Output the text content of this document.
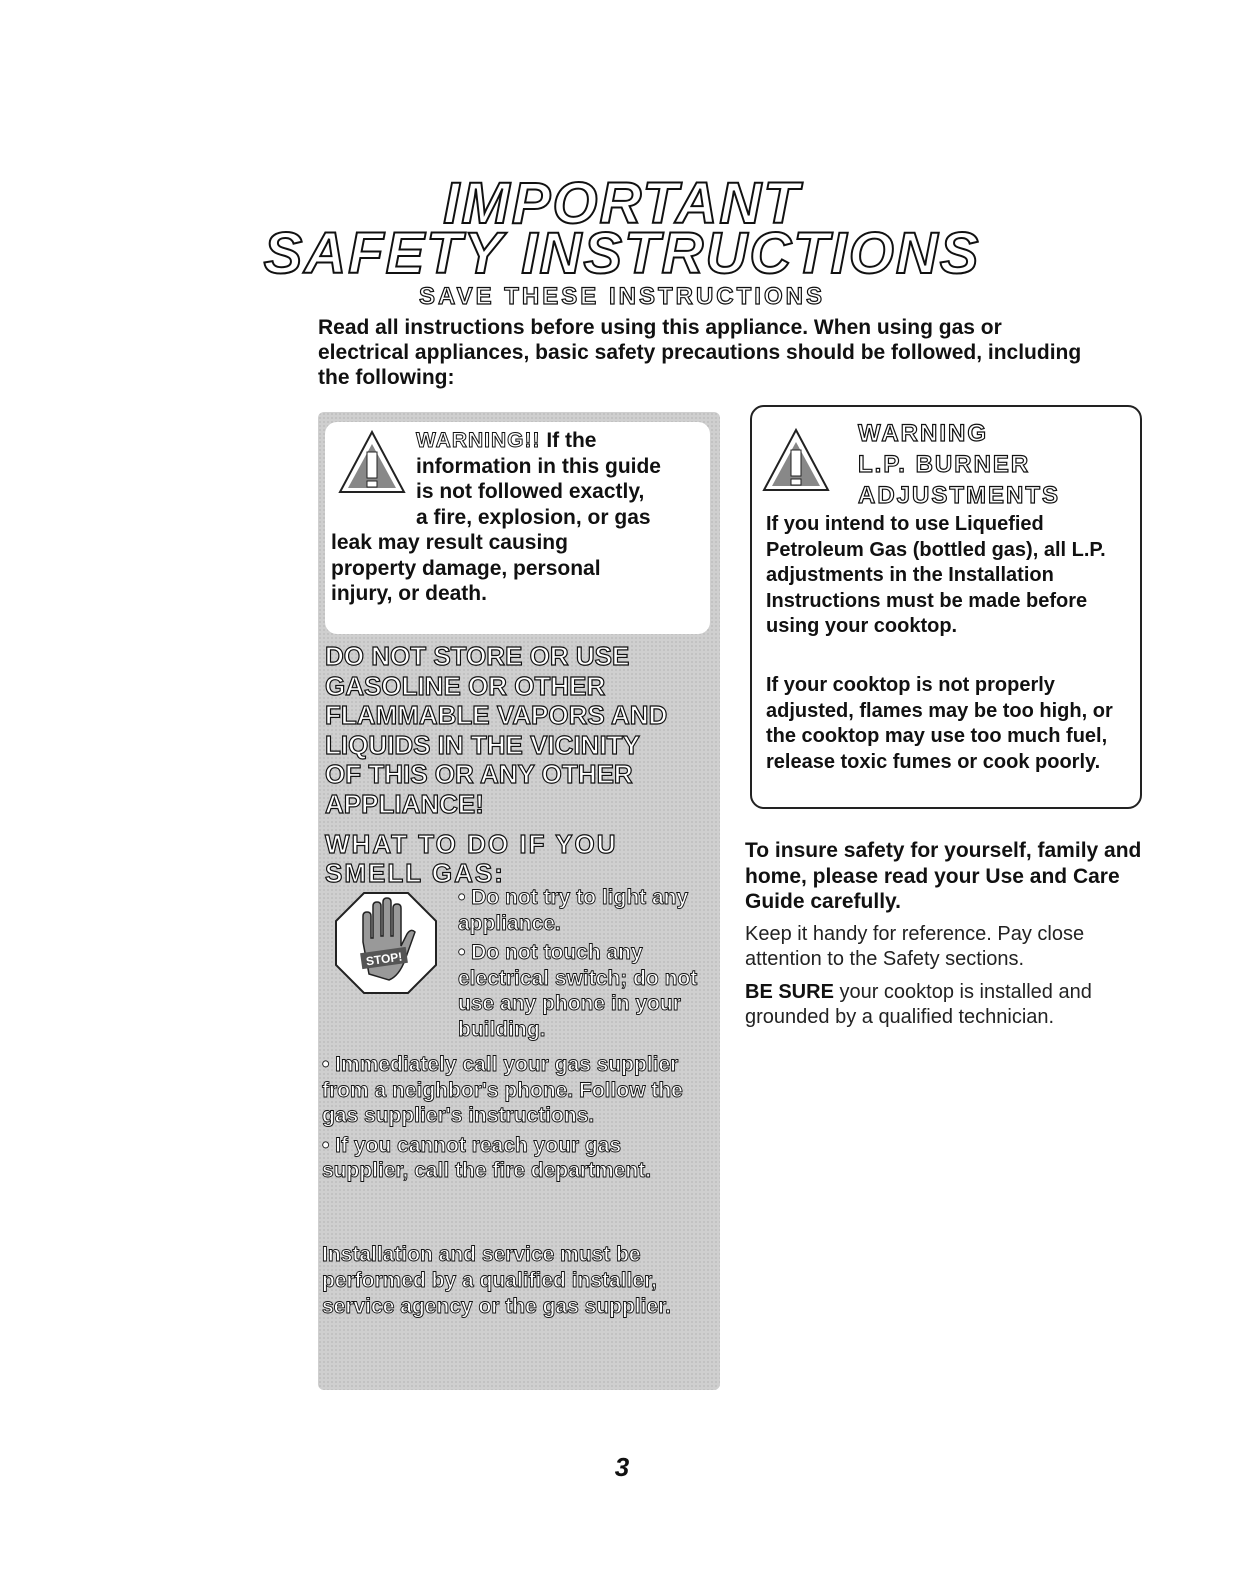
IMPORTANT
SAFETY INSTRUCTIONS
SAVE THESE INSTRUCTIONS
Read all instructions before using this appliance. When using gas or electrical appliances, basic safety precautions should be followed, including the following:
WARNING!! If the
information in this guide
is not followed exactly,
a fire, explosion, or gas
leak may result causing
property damage, personal
injury, or death.
DO NOT STORE OR USE
GASOLINE OR OTHER
FLAMMABLE VAPORS AND
LIQUIDS IN THE VICINITY
OF THIS OR ANY OTHER
APPLIANCE!
WHAT TO DO IF YOU
SMELL GAS:
STOP!
• Do not try to light any appliance.
• Do not touch any electrical switch; do not use any phone in your building.
• Immediately call your gas supplier from a neighbor's phone. Follow the gas supplier's instructions.
• If you cannot reach your gas supplier, call the fire department.
Installation and service must be performed by a qualified installer, service agency or the gas supplier.
WARNING
L.P. BURNER
ADJUSTMENTS
If you intend to use Liquefied Petroleum Gas (bottled gas), all L.P. adjustments in the Installation Instructions must be made before using your cooktop.
If your cooktop is not properly adjusted, flames may be too high, or the cooktop may use too much fuel, release toxic fumes or cook poorly.
To insure safety for yourself, family and home, please read your Use and Care Guide carefully.
Keep it handy for reference. Pay close attention to the Safety sections.
BE SURE your cooktop is installed and grounded by a qualified technician.
3
